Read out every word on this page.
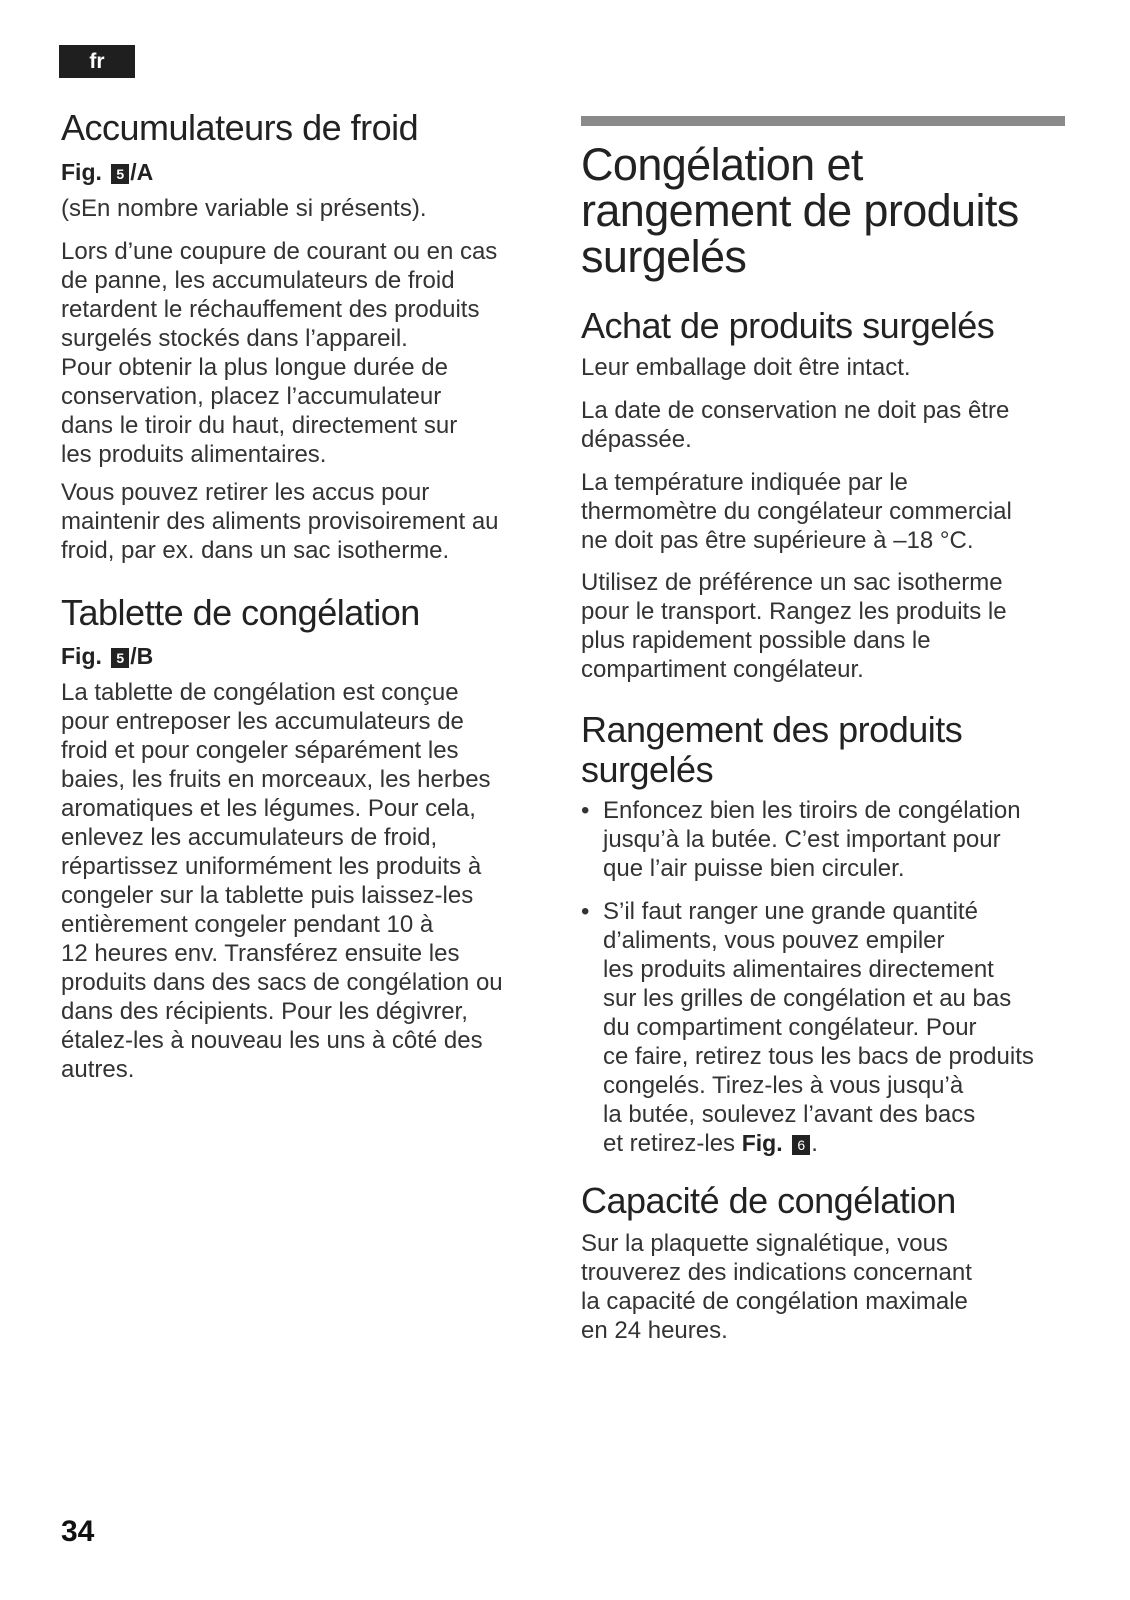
fr
Accumulateurs de froid
Fig. 5 /A

(sEn nombre variable si présents).

Lors d’une coupure de courant ou en cas
de panne, les accumulateurs de froid
retardent le réchauffement des produits
surgelés stockés dans l’appareil.
Pour obtenir la plus longue durée de
conservation, placez l’accumulateur
dans le tiroir du haut, directement sur
les produits alimentaires.

Vous pouvez retirer les accus pour
maintenir des aliments provisoirement au
froid, par ex. dans un sac isotherme.

Tablette de congélation
Fig. 5 /B

La tablette de congélation est conçue
pour entreposer les accumulateurs de
froid et pour congeler séparément les
baies, les fruits en morceaux, les herbes
aromatiques et les légumes. Pour cela,
enlevez les accumulateurs de froid,
répartissez uniformément les produits à
congeler sur la tablette puis laissez-les
entièrement congeler pendant 10 à
12 heures env. Transférez ensuite les
produits dans des sacs de congélation ou
dans des récipients. Pour les dégivrer,
étalez-les à nouveau les uns à côté des
autres.

Congélation et
rangement de produits
surgelés
Achat de produits surgelés

Leur emballage doit être intact.

La date de conservation ne doit pas être
dépassée.

La température indiquée par le
thermomètre du congélateur commercial
ne doit pas être supérieure à –18 °C.

Utilisez de préférence un sac isotherme
pour le transport. Rangez les produits le
plus rapidement possible dans le
compartiment congélateur.

Rangement des produits
surgelés
• Enfoncez bien les tiroirs de congélation
jusqu’à la butée. C’est important pour
que l’air puisse bien circuler.
• S’il faut ranger une grande quantité
d’aliments, vous pouvez empiler
les produits alimentaires directement
sur les grilles de congélation et au bas
du compartiment congélateur. Pour
ce faire, retirez tous les bacs de produits
congelés. Tirez-les à vous jusqu’à
la butée, soulevez l’avant des bacs
et retirez-les Fig. 6 .
Capacité de congélation

Sur la plaquette signalétique, vous
trouverez des indications concernant
la capacité de congélation maximale
en 24 heures.

34
